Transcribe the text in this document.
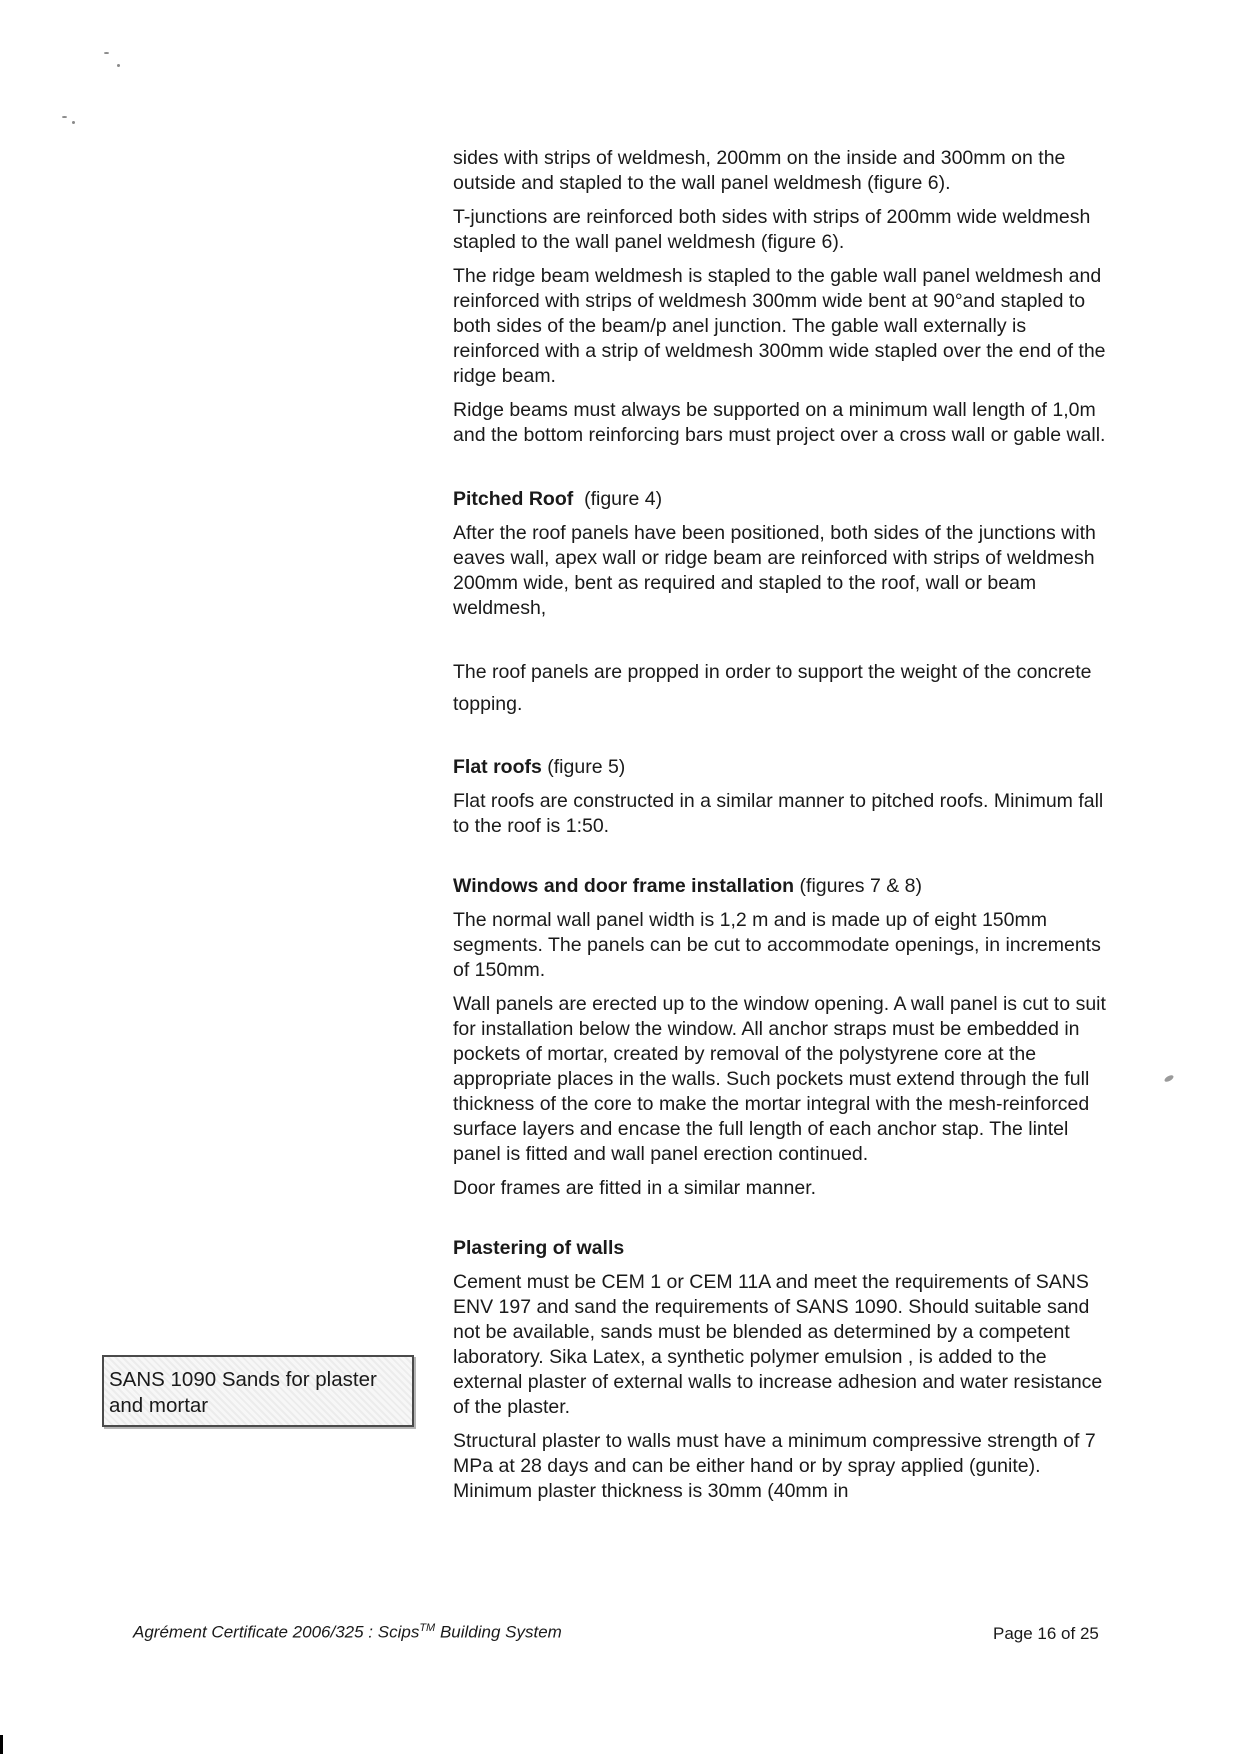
sides with strips of weldmesh, 200mm on the inside and 300mm on the outside and stapled to the wall panel weldmesh (figure 6).

T-junctions are reinforced both sides with strips of 200mm wide weldmesh stapled to the wall panel weldmesh (figure 6).

The ridge beam weldmesh is stapled to the gable wall panel weldmesh and reinforced with strips of weldmesh 300mm wide bent at 90°and stapled to both sides of the beam/p anel junction. The gable wall externally is reinforced with a strip of weldmesh 300mm wide stapled over the end of the ridge beam.

Ridge beams must always be supported on a minimum wall length of 1,0m and the bottom reinforcing bars must project over a cross wall or gable wall.

Pitched Roof (figure 4)

After the roof panels have been positioned, both sides of the junctions with eaves wall, apex wall or ridge beam are reinforced with strips of weldmesh 200mm wide, bent as required and stapled to the roof, wall or beam weldmesh,

The roof panels are propped in order to support the weight of the concrete topping.

Flat roofs (figure 5)

Flat roofs are constructed in a similar manner to pitched roofs. Minimum fall to the roof is 1:50.

Windows and door frame installation (figures 7 & 8)

The normal wall panel width is 1,2 m and is made up of eight 150mm segments. The panels can be cut to accommodate openings, in increments of 150mm.

Wall panels are erected up to the window opening. A wall panel is cut to suit for installation below the window. All anchor straps must be embedded in pockets of mortar, created by removal of the polystyrene core at the appropriate places in the walls. Such pockets must extend through the full thickness of the core to make the mortar integral with the mesh-reinforced surface layers and encase the full length of each anchor stap. The lintel panel is fitted and wall panel erection continued.

Door frames are fitted in a similar manner.

Plastering of walls

Cement must be CEM 1 or CEM 11A and meet the requirements of SANS ENV 197 and sand the requirements of SANS 1090. Should suitable sand not be available, sands must be blended as determined by a competent laboratory. Sika Latex, a synthetic polymer emulsion , is added to the external plaster of external walls to increase adhesion and water resistance of the plaster.

Structural plaster to walls must have a minimum compressive strength of 7 MPa at 28 days and can be either hand or by spray applied (gunite). Minimum plaster thickness is 30mm (40mm in

SANS 1090 Sands for plaster and mortar
Agrément Certificate 2006/325 : Scips™ Building System	Page 16 of 25
